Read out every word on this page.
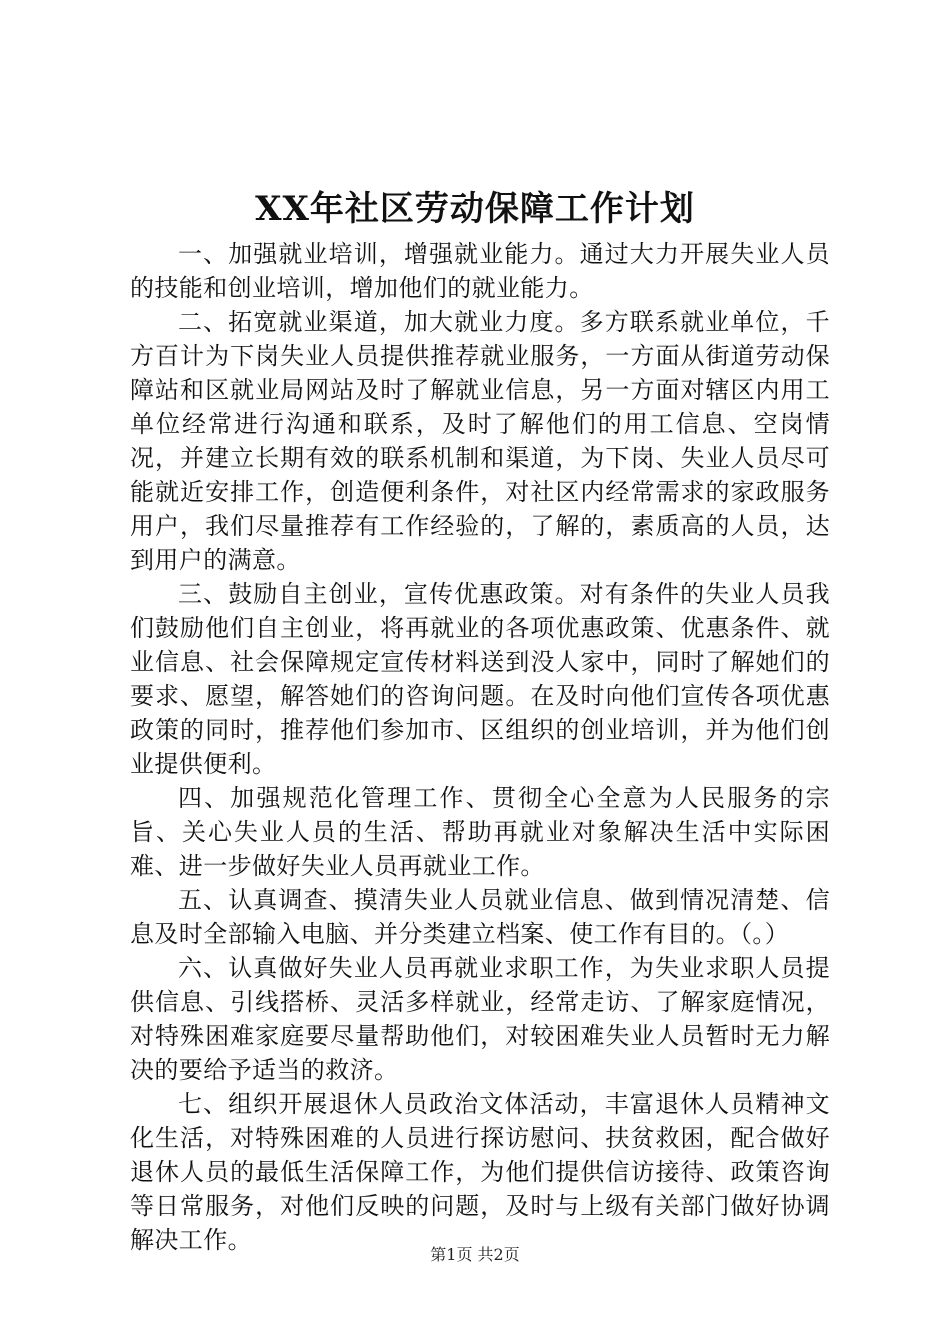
XX年社区劳动保障工作计划

一、加强就业培训，增强就业能力。通过大力开展失业人员的技能和创业培训，增加他们的就业能力。

二、拓宽就业渠道，加大就业力度。多方联系就业单位，千方百计为下岗失业人员提供推荐就业服务，一方面从街道劳动保障站和区就业局网站及时了解就业信息，另一方面对辖区内用工单位经常进行沟通和联系，及时了解他们的用工信息、空岗情况，并建立长期有效的联系机制和渠道，为下岗、失业人员尽可能就近安排工作，创造便利条件，对社区内经常需求的家政服务用户，我们尽量推荐有工作经验的，了解的，素质高的人员，达到用户的满意。

三、鼓励自主创业，宣传优惠政策。对有条件的失业人员我们鼓励他们自主创业，将再就业的各项优惠政策、优惠条件、就业信息、社会保障规定宣传材料送到没人家中，同时了解她们的要求、愿望，解答她们的咨询问题。在及时向他们宣传各项优惠政策的同时，推荐他们参加市、区组织的创业培训，并为他们创业提供便利。

四、加强规范化管理工作、贯彻全心全意为人民服务的宗旨、关心失业人员的生活、帮助再就业对象解决生活中实际困难、进一步做好失业人员再就业工作。

五、认真调查、摸清失业人员就业信息、做到情况清楚、信息及时全部输入电脑、并分类建立档案、使工作有目的。（。）

六、认真做好失业人员再就业求职工作，为失业求职人员提供信息、引线搭桥、灵活多样就业，经常走访、了解家庭情况，对特殊困难家庭要尽量帮助他们，对较困难失业人员暂时无力解决的要给予适当的救济。

七、组织开展退休人员政治文体活动，丰富退休人员精神文化生活，对特殊困难的人员进行探访慰问、扶贫救困，配合做好退休人员的最低生活保障工作，为他们提供信访接待、政策咨询等日常服务，对他们反映的问题，及时与上级有关部门做好协调解决工作。

第1页 共2页
